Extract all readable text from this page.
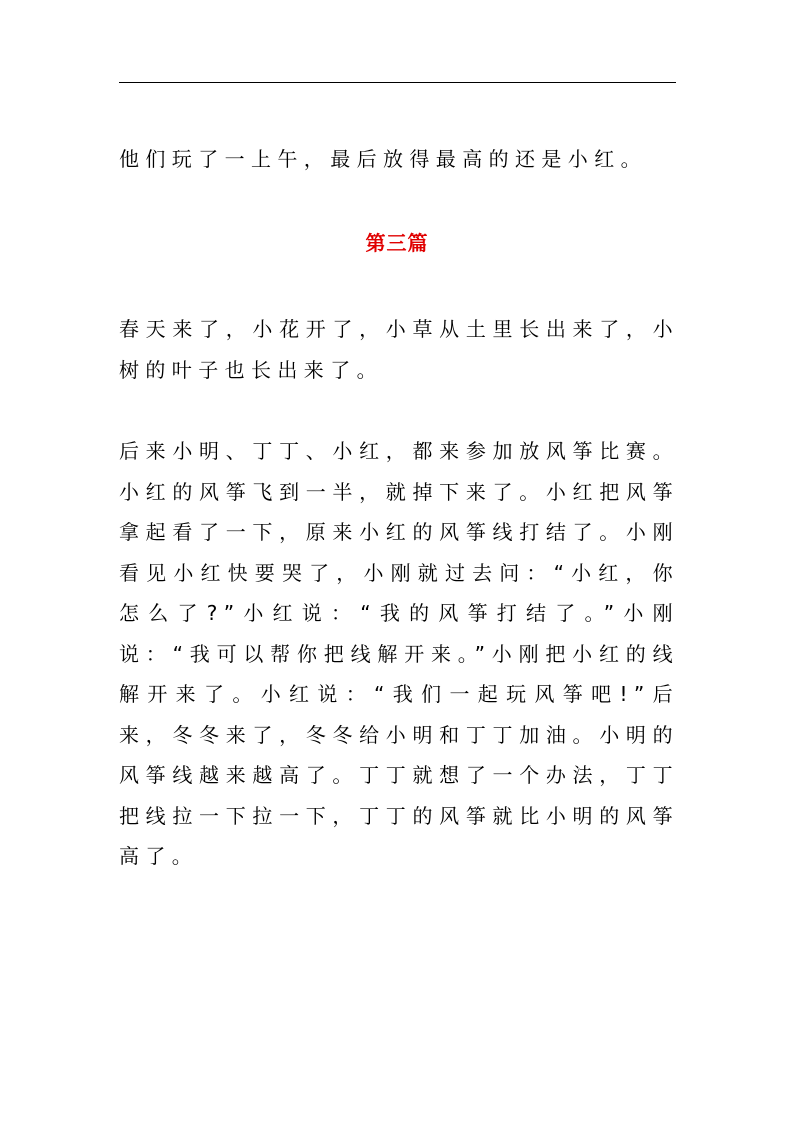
他们玩了一上午，最后放得最高的还是小红。

第三篇

春天来了，小花开了，小草从土里长出来了，小树的叶子也长出来了。

后来小明、丁丁、小红，都来参加放风筝比赛。小红的风筝飞到一半，就掉下来了。小红把风筝拿起看了一下，原来小红的风筝线打结了。小刚看见小红快要哭了，小刚就过去问：“小红，你怎么了?”小红说：“我的风筝打结了。”小刚说：“我可以帮你把线解开来。”小刚把小红的线解开来了。小红说：“我们一起玩风筝吧!”后来，冬冬来了，冬冬给小明和丁丁加油。小明的风筝线越来越高了。丁丁就想了一个办法，丁丁把线拉一下拉一下，丁丁的风筝就比小明的风筝高了。
